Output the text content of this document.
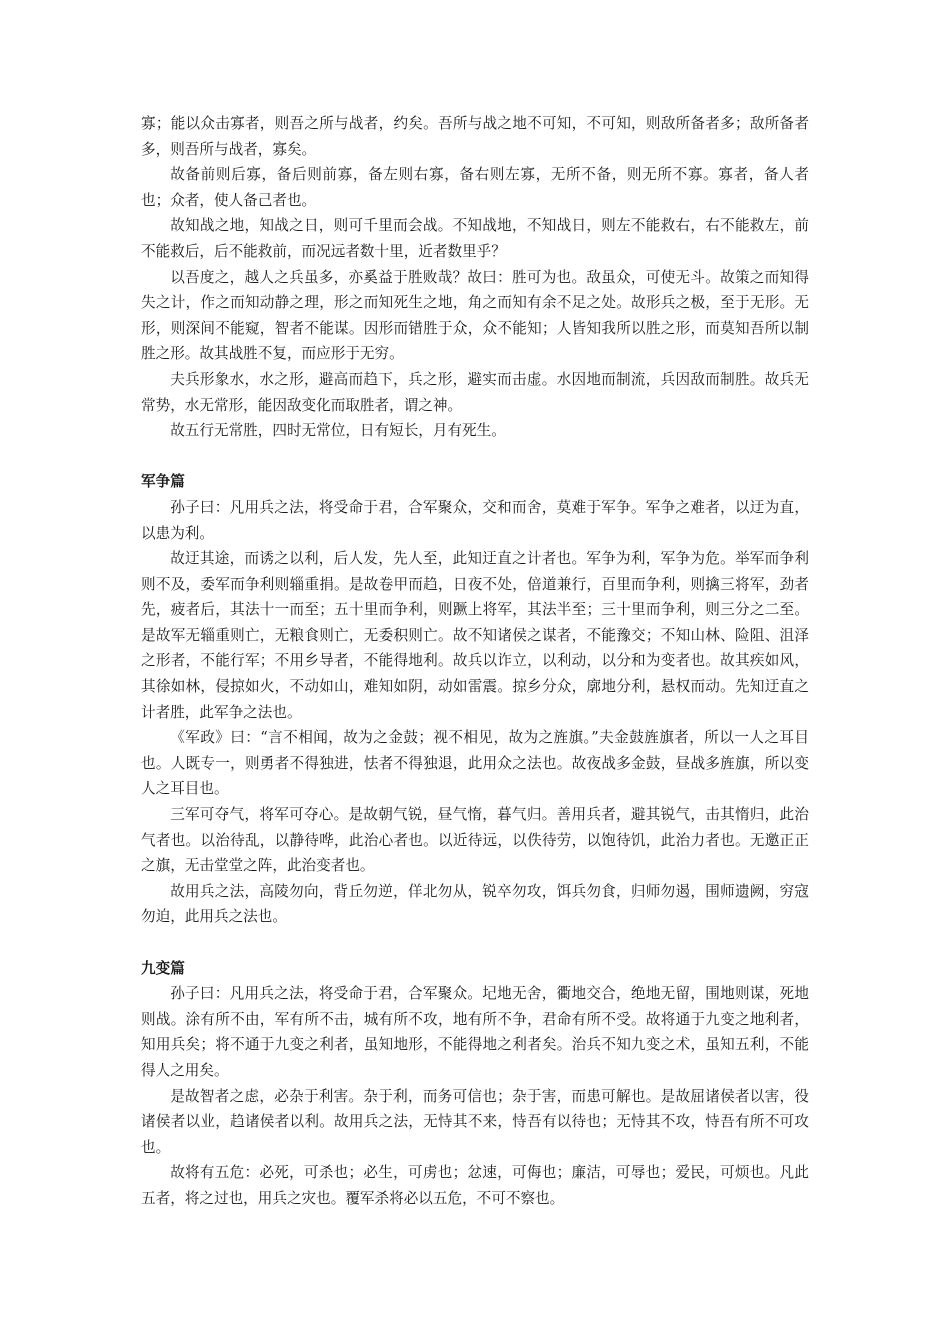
寡；能以众击寡者，则吾之所与战者，约矣。吾所与战之地不可知，不可知，则敌所备者多；敌所备者多，则吾所与战者，寡矣。

故备前则后寡，备后则前寡，备左则右寡，备右则左寡，无所不备，则无所不寡。寡者，备人者也；众者，使人备己者也。

故知战之地，知战之日，则可千里而会战。不知战地，不知战日，则左不能救右，右不能救左，前不能救后，后不能救前，而况远者数十里，近者数里乎？

以吾度之，越人之兵虽多，亦奚益于胜败哉？故曰：胜可为也。敌虽众，可使无斗。故策之而知得失之计，作之而知动静之理，形之而知死生之地，角之而知有余不足之处。故形兵之极，至于无形。无形，则深间不能窥，智者不能谋。因形而错胜于众，众不能知；人皆知我所以胜之形，而莫知吾所以制胜之形。故其战胜不复，而应形于无穷。

夫兵形象水，水之形，避高而趋下，兵之形，避实而击虚。水因地而制流，兵因敌而制胜。故兵无常势，水无常形，能因敌变化而取胜者，谓之神。

故五行无常胜，四时无常位，日有短长，月有死生。

军争篇

孙子曰：凡用兵之法，将受命于君，合军聚众，交和而舍，莫难于军争。军争之难者，以迂为直，以患为利。

故迂其途，而诱之以利，后人发，先人至，此知迂直之计者也。军争为利，军争为危。举军而争利则不及，委军而争利则辎重捐。是故卷甲而趋，日夜不处，倍道兼行，百里而争利，则擒三将军，劲者先，疲者后，其法十一而至；五十里而争利，则蹶上将军，其法半至；三十里而争利，则三分之二至。是故军无辎重则亡，无粮食则亡，无委积则亡。故不知诸侯之谋者，不能豫交；不知山林、险阻、沮泽之形者，不能行军；不用乡导者，不能得地利。故兵以诈立，以利动，以分和为变者也。故其疾如风，其徐如林，侵掠如火，不动如山，难知如阴，动如雷震。掠乡分众，廓地分利，悬权而动。先知迂直之计者胜，此军争之法也。

《军政》曰：“言不相闻，故为之金鼓；视不相见，故为之旌旗。”夫金鼓旌旗者，所以一人之耳目也。人既专一，则勇者不得独进，怯者不得独退，此用众之法也。故夜战多金鼓，昼战多旌旗，所以变人之耳目也。

三军可夺气，将军可夺心。是故朝气锐，昼气惰，暮气归。善用兵者，避其锐气，击其惰归，此治气者也。以治待乱，以静待哗，此治心者也。以近待远，以佚待劳，以饱待饥，此治力者也。无邀正正之旗，无击堂堂之阵，此治变者也。

故用兵之法，高陵勿向，背丘勿逆，佯北勿从，锐卒勿攻，饵兵勿食，归师勿遏，围师遗阙，穷寇勿迫，此用兵之法也。

九变篇

孙子曰：凡用兵之法，将受命于君，合军聚众。圮地无舍，衢地交合，绝地无留，围地则谋，死地则战。涂有所不由，军有所不击，城有所不攻，地有所不争，君命有所不受。故将通于九变之地利者，知用兵矣；将不通于九变之利者，虽知地形，不能得地之利者矣。治兵不知九变之术，虽知五利，不能得人之用矣。

是故智者之虑，必杂于利害。杂于利，而务可信也；杂于害，而患可解也。是故屈诸侯者以害，役诸侯者以业，趋诸侯者以利。故用兵之法，无恃其不来，恃吾有以待也；无恃其不攻，恃吾有所不可攻也。

故将有五危：必死，可杀也；必生，可虏也；忿速，可侮也；廉洁，可辱也；爱民，可烦也。凡此五者，将之过也，用兵之灾也。覆军杀将必以五危，不可不察也。
